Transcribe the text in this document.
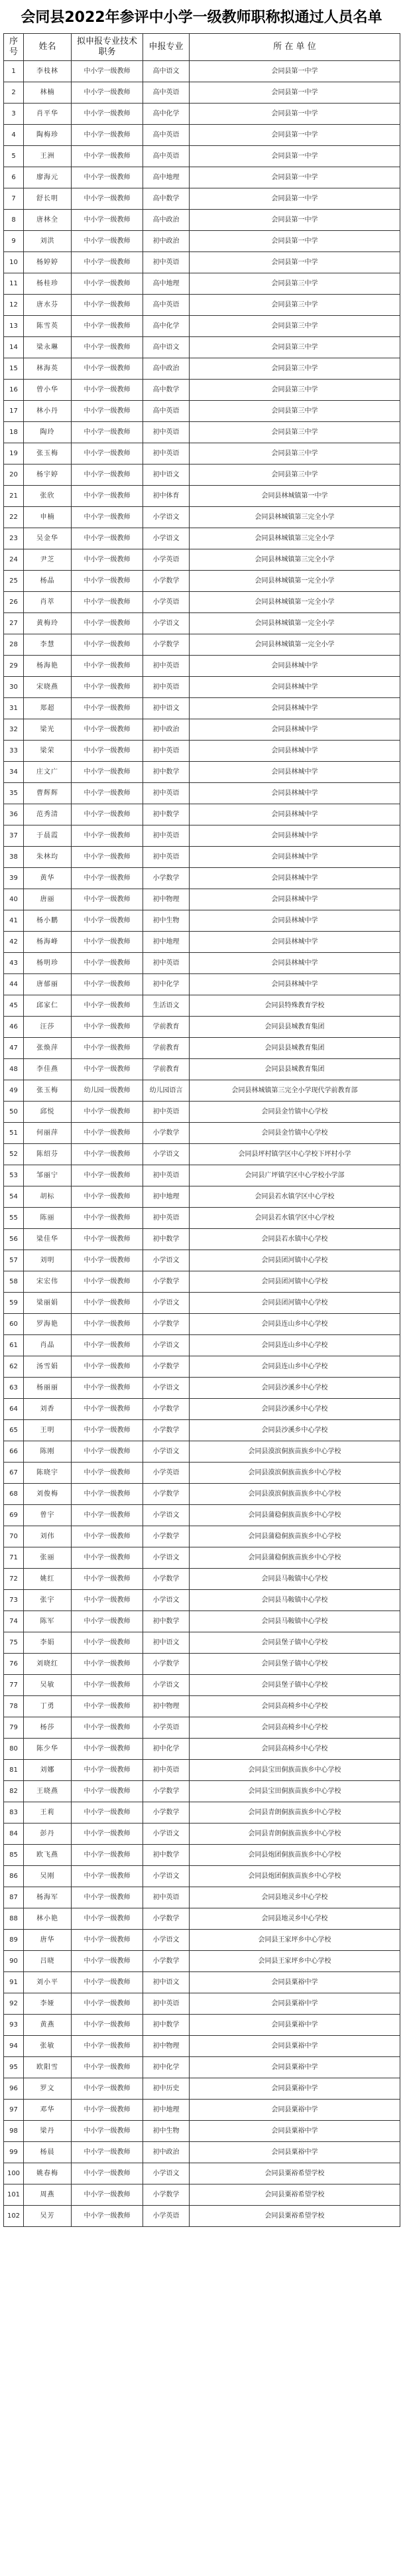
会同县2022年参评中小学一级教师职称拟通过人员名单
序号	姓名	拟申报专业技术职务	申报专业	所 在 单 位
1	李枝林	中小学一级教师	高中语文	会同县第一中学
2	林楠	中小学一级教师	高中英语	会同县第一中学
3	肖平华	中小学一级教师	高中化学	会同县第一中学
4	陶梅珍	中小学一级教师	高中英语	会同县第一中学
5	王洲	中小学一级教师	高中英语	会同县第一中学
6	廖海元	中小学一级教师	高中地理	会同县第一中学
7	舒长明	中小学一级教师	高中数学	会同县第一中学
8	唐林全	中小学一级教师	高中政治	会同县第一中学
9	刘洪	中小学一级教师	初中政治	会同县第一中学
10	杨婷婷	中小学一级教师	初中英语	会同县第一中学
11	杨桂珍	中小学一级教师	高中地理	会同县第三中学
12	唐水芬	中小学一级教师	高中英语	会同县第三中学
13	陈雪英	中小学一级教师	高中化学	会同县第三中学
14	梁永琳	中小学一级教师	高中语文	会同县第三中学
15	林海英	中小学一级教师	高中政治	会同县第三中学
16	曾小华	中小学一级教师	高中数学	会同县第三中学
17	林小丹	中小学一级教师	高中英语	会同县第三中学
18	陶玲	中小学一级教师	初中英语	会同县第三中学
19	张玉梅	中小学一级教师	初中英语	会同县第三中学
20	杨宇婷	中小学一级教师	初中语文	会同县第三中学
21	张欣	中小学一级教师	初中体育	会同县林城镇第一中学
22	申楠	中小学一级教师	小学语文	会同县林城镇第三完全小学
23	吴金华	中小学一级教师	小学语文	会同县林城镇第三完全小学
24	尹芝	中小学一级教师	小学英语	会同县林城镇第三完全小学
25	杨晶	中小学一级教师	小学数学	会同县林城镇第一完全小学
26	肖萃	中小学一级教师	小学英语	会同县林城镇第一完全小学
27	黄梅玲	中小学一级教师	小学语文	会同县林城镇第一完全小学
28	李慧	中小学一级教师	小学数学	会同县林城镇第一完全小学
29	杨海艳	中小学一级教师	初中英语	会同县林城中学
30	宋晓燕	中小学一级教师	初中英语	会同县林城中学
31	郑超	中小学一级教师	初中语文	会同县林城中学
32	梁光	中小学一级教师	初中政治	会同县林城中学
33	梁荣	中小学一级教师	初中英语	会同县林城中学
34	庄文广	中小学一级教师	初中数学	会同县林城中学
35	曹辉辉	中小学一级教师	初中英语	会同县林城中学
36	范秀清	中小学一级教师	初中数学	会同县林城中学
37	于晨霞	中小学一级教师	初中英语	会同县林城中学
38	朱林均	中小学一级教师	初中英语	会同县林城中学
39	黄华	中小学一级教师	小学数学	会同县林城中学
40	唐丽	中小学一级教师	初中物理	会同县林城中学
41	杨小鹏	中小学一级教师	初中生物	会同县林城中学
42	杨海峰	中小学一级教师	初中地理	会同县林城中学
43	杨明珍	中小学一级教师	初中英语	会同县林城中学
44	唐郁丽	中小学一级教师	初中化学	会同县林城中学
45	邱家仁	中小学一级教师	生活语文	会同县特殊教育学校
46	汪莎	中小学一级教师	学前教育	会同县县城教育集团
47	张焕萍	中小学一级教师	学前教育	会同县县城教育集团
48	李佳燕	中小学一级教师	学前教育	会同县县城教育集团
49	张玉梅	幼儿园一级教师	幼儿园语言	会同县林城镇第三完全小学现代学前教育部
50	邱悦	中小学一级教师	初中英语	会同县金竹镇中心学校
51	何丽萍	中小学一级教师	小学数学	会同县金竹镇中心学校
52	陈绍芬	中小学一级教师	小学语文	会同县坪村镇学区中心学校下坪村小学
53	邹丽宁	中小学一级教师	初中英语	会同县广坪镇学区中心学校小学部
54	胡标	中小学一级教师	初中地理	会同县若水镇学区中心学校
55	陈丽	中小学一级教师	初中英语	会同县若水镇学区中心学校
56	梁佳华	中小学一级教师	初中数学	会同县若水镇中心学校
57	刘明	中小学一级教师	小学语文	会同县团河镇中心学校
58	宋宏伟	中小学一级教师	小学数学	会同县团河镇中心学校
59	梁丽娟	中小学一级教师	小学语文	会同县团河镇中心学校
60	罗海艳	中小学一级教师	小学数学	会同县连山乡中心学校
61	肖晶	中小学一级教师	小学语文	会同县连山乡中心学校
62	汤雪娟	中小学一级教师	小学数学	会同县连山乡中心学校
63	杨丽丽	中小学一级教师	小学语文	会同县沙溪乡中心学校
64	刘香	中小学一级教师	小学数学	会同县沙溪乡中心学校
65	王明	中小学一级教师	小学数学	会同县沙溪乡中心学校
66	陈刚	中小学一级教师	小学语文	会同县漠滨侗族苗族乡中心学校
67	陈晓宇	中小学一级教师	小学英语	会同县漠滨侗族苗族乡中心学校
68	刘俊梅	中小学一级教师	小学数学	会同县漠滨侗族苗族乡中心学校
69	曾宇	中小学一级教师	小学语文	会同县蒲稳侗族苗族乡中心学校
70	刘伟	中小学一级教师	小学数学	会同县蒲稳侗族苗族乡中心学校
71	张丽	中小学一级教师	小学语文	会同县蒲稳侗族苗族乡中心学校
72	姚红	中小学一级教师	小学数学	会同县马鞍镇中心学校
73	张宇	中小学一级教师	小学语文	会同县马鞍镇中心学校
74	陈军	中小学一级教师	初中数学	会同县马鞍镇中心学校
75	李娟	中小学一级教师	初中语文	会同县堡子镇中心学校
76	刘晓红	中小学一级教师	小学数学	会同县堡子镇中心学校
77	吴敏	中小学一级教师	小学语文	会同县堡子镇中心学校
78	丁勇	中小学一级教师	初中物理	会同县高椅乡中心学校
79	杨莎	中小学一级教师	小学英语	会同县高椅乡中心学校
80	陈少华	中小学一级教师	初中化学	会同县高椅乡中心学校
81	刘娜	中小学一级教师	初中英语	会同县宝田侗族苗族乡中心学校
82	王晓燕	中小学一级教师	小学数学	会同县宝田侗族苗族乡中心学校
83	王莉	中小学一级教师	小学数学	会同县青朗侗族苗族乡中心学校
84	彭丹	中小学一级教师	小学语文	会同县青朗侗族苗族乡中心学校
85	欧飞燕	中小学一级教师	初中数学	会同县炮团侗族苗族乡中心学校
86	吴刚	中小学一级教师	小学语文	会同县炮团侗族苗族乡中心学校
87	杨海军	中小学一级教师	初中英语	会同县地灵乡中心学校
88	林小艳	中小学一级教师	小学数学	会同县地灵乡中心学校
89	唐华	中小学一级教师	小学语文	会同县王家坪乡中心学校
90	吕晓	中小学一级教师	小学数学	会同县王家坪乡中心学校
91	刘小平	中小学一级教师	初中语文	会同县粟裕中学
92	李娅	中小学一级教师	初中英语	会同县粟裕中学
93	黄燕	中小学一级教师	初中数学	会同县粟裕中学
94	张敏	中小学一级教师	初中物理	会同县粟裕中学
95	欧阳雪	中小学一级教师	初中化学	会同县粟裕中学
96	罗文	中小学一级教师	初中历史	会同县粟裕中学
97	邓华	中小学一级教师	初中地理	会同县粟裕中学
98	梁丹	中小学一级教师	初中生物	会同县粟裕中学
99	杨晨	中小学一级教师	初中政治	会同县粟裕中学
100	姚春梅	中小学一级教师	小学语文	会同县粟裕希望学校
101	周燕	中小学一级教师	小学数学	会同县粟裕希望学校
102	吴芳	中小学一级教师	小学英语	会同县粟裕希望学校
